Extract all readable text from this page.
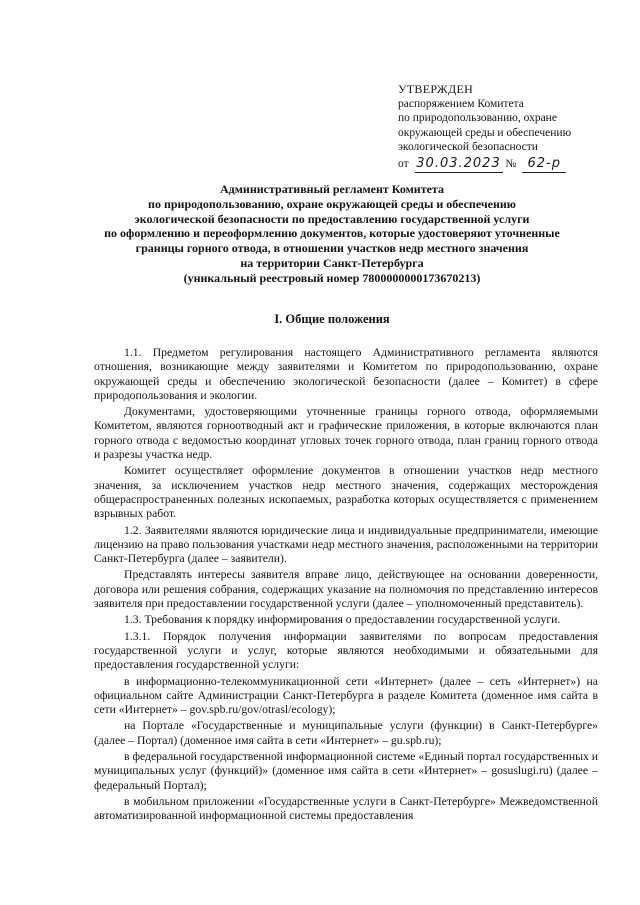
УТВЕРЖДЕН
распоряжением Комитета
по природопользованию, охране
окружающей среды и обеспечению
экологической безопасности
от 30.03.2023 № 62-р
Административный регламент Комитета
по природопользованию, охране окружающей среды и обеспечению
экологической безопасности по предоставлению государственной услуги
по оформлению и переоформлению документов, которые удостоверяют уточненные
границы горного отвода, в отношении участков недр местного значения
на территории Санкт-Петербурга
(уникальный реестровый номер 7800000000173670213)
I. Общие положения

1.1. Предметом регулирования настоящего Административного регламента являются отношения, возникающие между заявителями и Комитетом по природопользованию, охране окружающей среды и обеспечению экологической безопасности (далее – Комитет) в сфере природопользования и экологии.

Документами, удостоверяющими уточненные границы горного отвода, оформляемыми Комитетом, являются горноотводный акт и графические приложения, в которые включаются план горного отвода с ведомостью координат угловых точек горного отвода, план границ горного отвода и разрезы участка недр.

Комитет осуществляет оформление документов в отношении участков недр местного значения, за исключением участков недр местного значения, содержащих месторождения общераспространенных полезных ископаемых, разработка которых осуществляется с применением взрывных работ.

1.2. Заявителями являются юридические лица и индивидуальные предприниматели, имеющие лицензию на право пользования участками недр местного значения, расположенными на территории Санкт-Петербурга (далее – заявители).

Представлять интересы заявителя вправе лицо, действующее на основании доверенности, договора или решения собрания, содержащих указание на полномочия по представлению интересов заявителя при предоставлении государственной услуги (далее – уполномоченный представитель).

1.3. Требования к порядку информирования о предоставлении государственной услуги.

1.3.1. Порядок получения информации заявителями по вопросам предоставления государственной услуги и услуг, которые являются необходимыми и обязательными для предоставления государственной услуги:

в информационно-телекоммуникационной сети «Интернет» (далее – сеть «Интернет») на официальном сайте Администрации Санкт-Петербурга в разделе Комитета (доменное имя сайта в сети «Интернет» – gov.spb.ru/gov/otrasl/ecology);

на Портале «Государственные и муниципальные услуги (функции) в Санкт-Петербурге» (далее – Портал) (доменное имя сайта в сети «Интернет» – gu.spb.ru);

в федеральной государственной информационной системе «Единый портал государственных и муниципальных услуг (функций)» (доменное имя сайта в сети «Интернет» – gosuslugi.ru) (далее – федеральный Портал);

в мобильном приложении «Государственные услуги в Санкт-Петербурге» Межведомственной автоматизированной информационной системы предоставления
